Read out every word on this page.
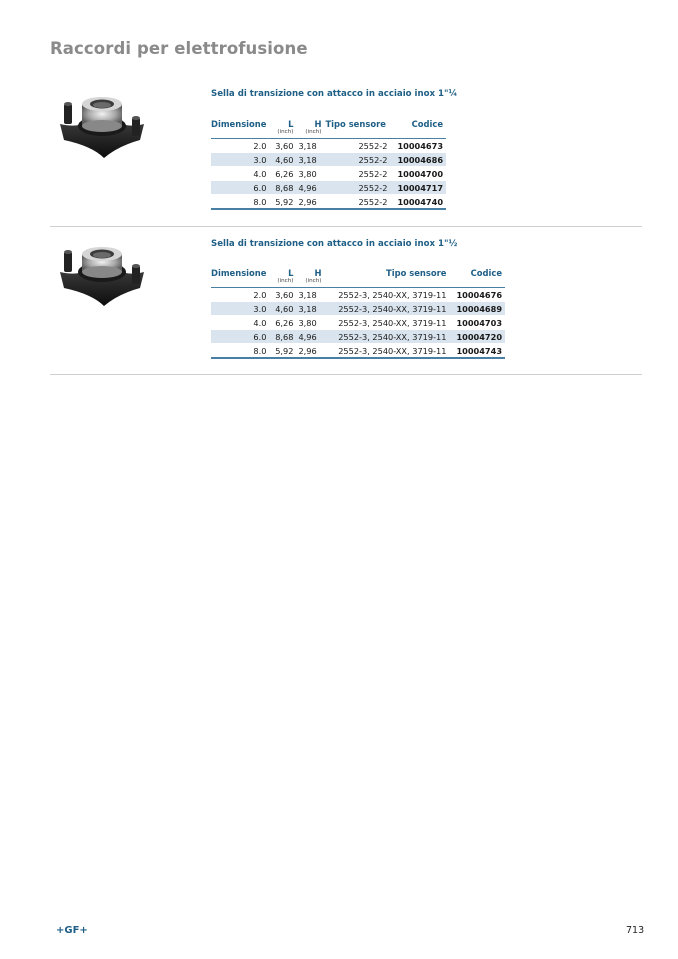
Raccordi per elettrofusione
Sella di transizione con attacco in acciaio inox 1"¼
Dimensione	L	H	Tipo sensore	Codice
	(inch)	(inch)		
2.0	3,60	3,18	2552-2	10004673
3.0	4,60	3,18	2552-2	10004686
4.0	6,26	3,80	2552-2	10004700
6.0	8,68	4,96	2552-2	10004717
8.0	5,92	2,96	2552-2	10004740
Sella di transizione con attacco in acciaio inox 1"½
Dimensione	L	H	Tipo sensore	Codice
	(inch)	(inch)		
2.0	3,60	3,18	2552-3, 2540-XX, 3719-11	10004676
3.0	4,60	3,18	2552-3, 2540-XX, 3719-11	10004689
4.0	6,26	3,80	2552-3, 2540-XX, 3719-11	10004703
6.0	8,68	4,96	2552-3, 2540-XX, 3719-11	10004720
8.0	5,92	2,96	2552-3, 2540-XX, 3719-11	10004743
+GF+	713
